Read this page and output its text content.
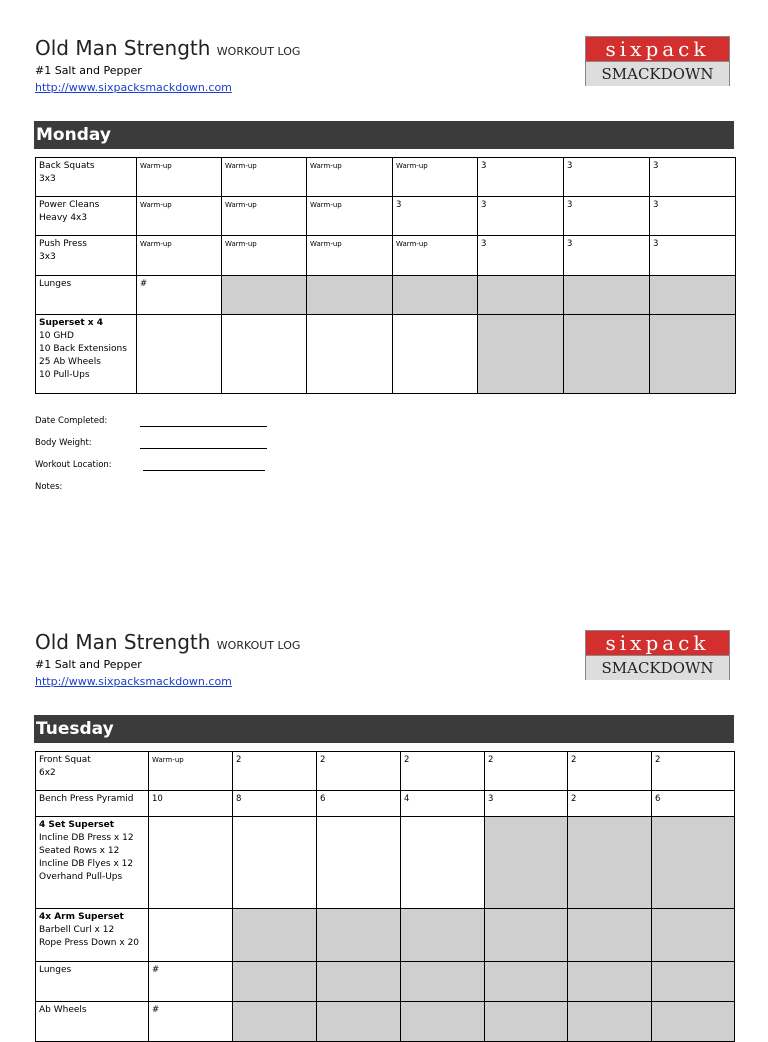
Old Man Strength WORKOUT LOG
#1 Salt and Pepper
http://www.sixpacksmackdown.com
sixpack
SMACKDOWN
Monday
Back Squats
3x3	Warm-up	Warm-up	Warm-up	Warm-up	3	3	3
Power Cleans
Heavy 4x3	Warm-up	Warm-up	Warm-up	3	3	3	3
Push Press
3x3	Warm-up	Warm-up	Warm-up	Warm-up	3	3	3
Lunges	#						
Superset x 4
10 GHD
10 Back Extensions
25 Ab Wheels
10 Pull-Ups							
Date Completed:
Body Weight:
Workout Location:
Notes:
Old Man Strength WORKOUT LOG
#1 Salt and Pepper
http://www.sixpacksmackdown.com
sixpack
SMACKDOWN
Tuesday
Front Squat
6x2	Warm-up	2	2	2	2	2	2
Bench Press Pyramid	10	8	6	4	3	2	6
4 Set Superset
Incline DB Press x 12
Seated Rows x 12
Incline DB Flyes x 12
Overhand Pull-Ups							
4x Arm Superset
Barbell Curl x 12
Rope Press Down x 20							
Lunges	#						
Ab Wheels	#						
